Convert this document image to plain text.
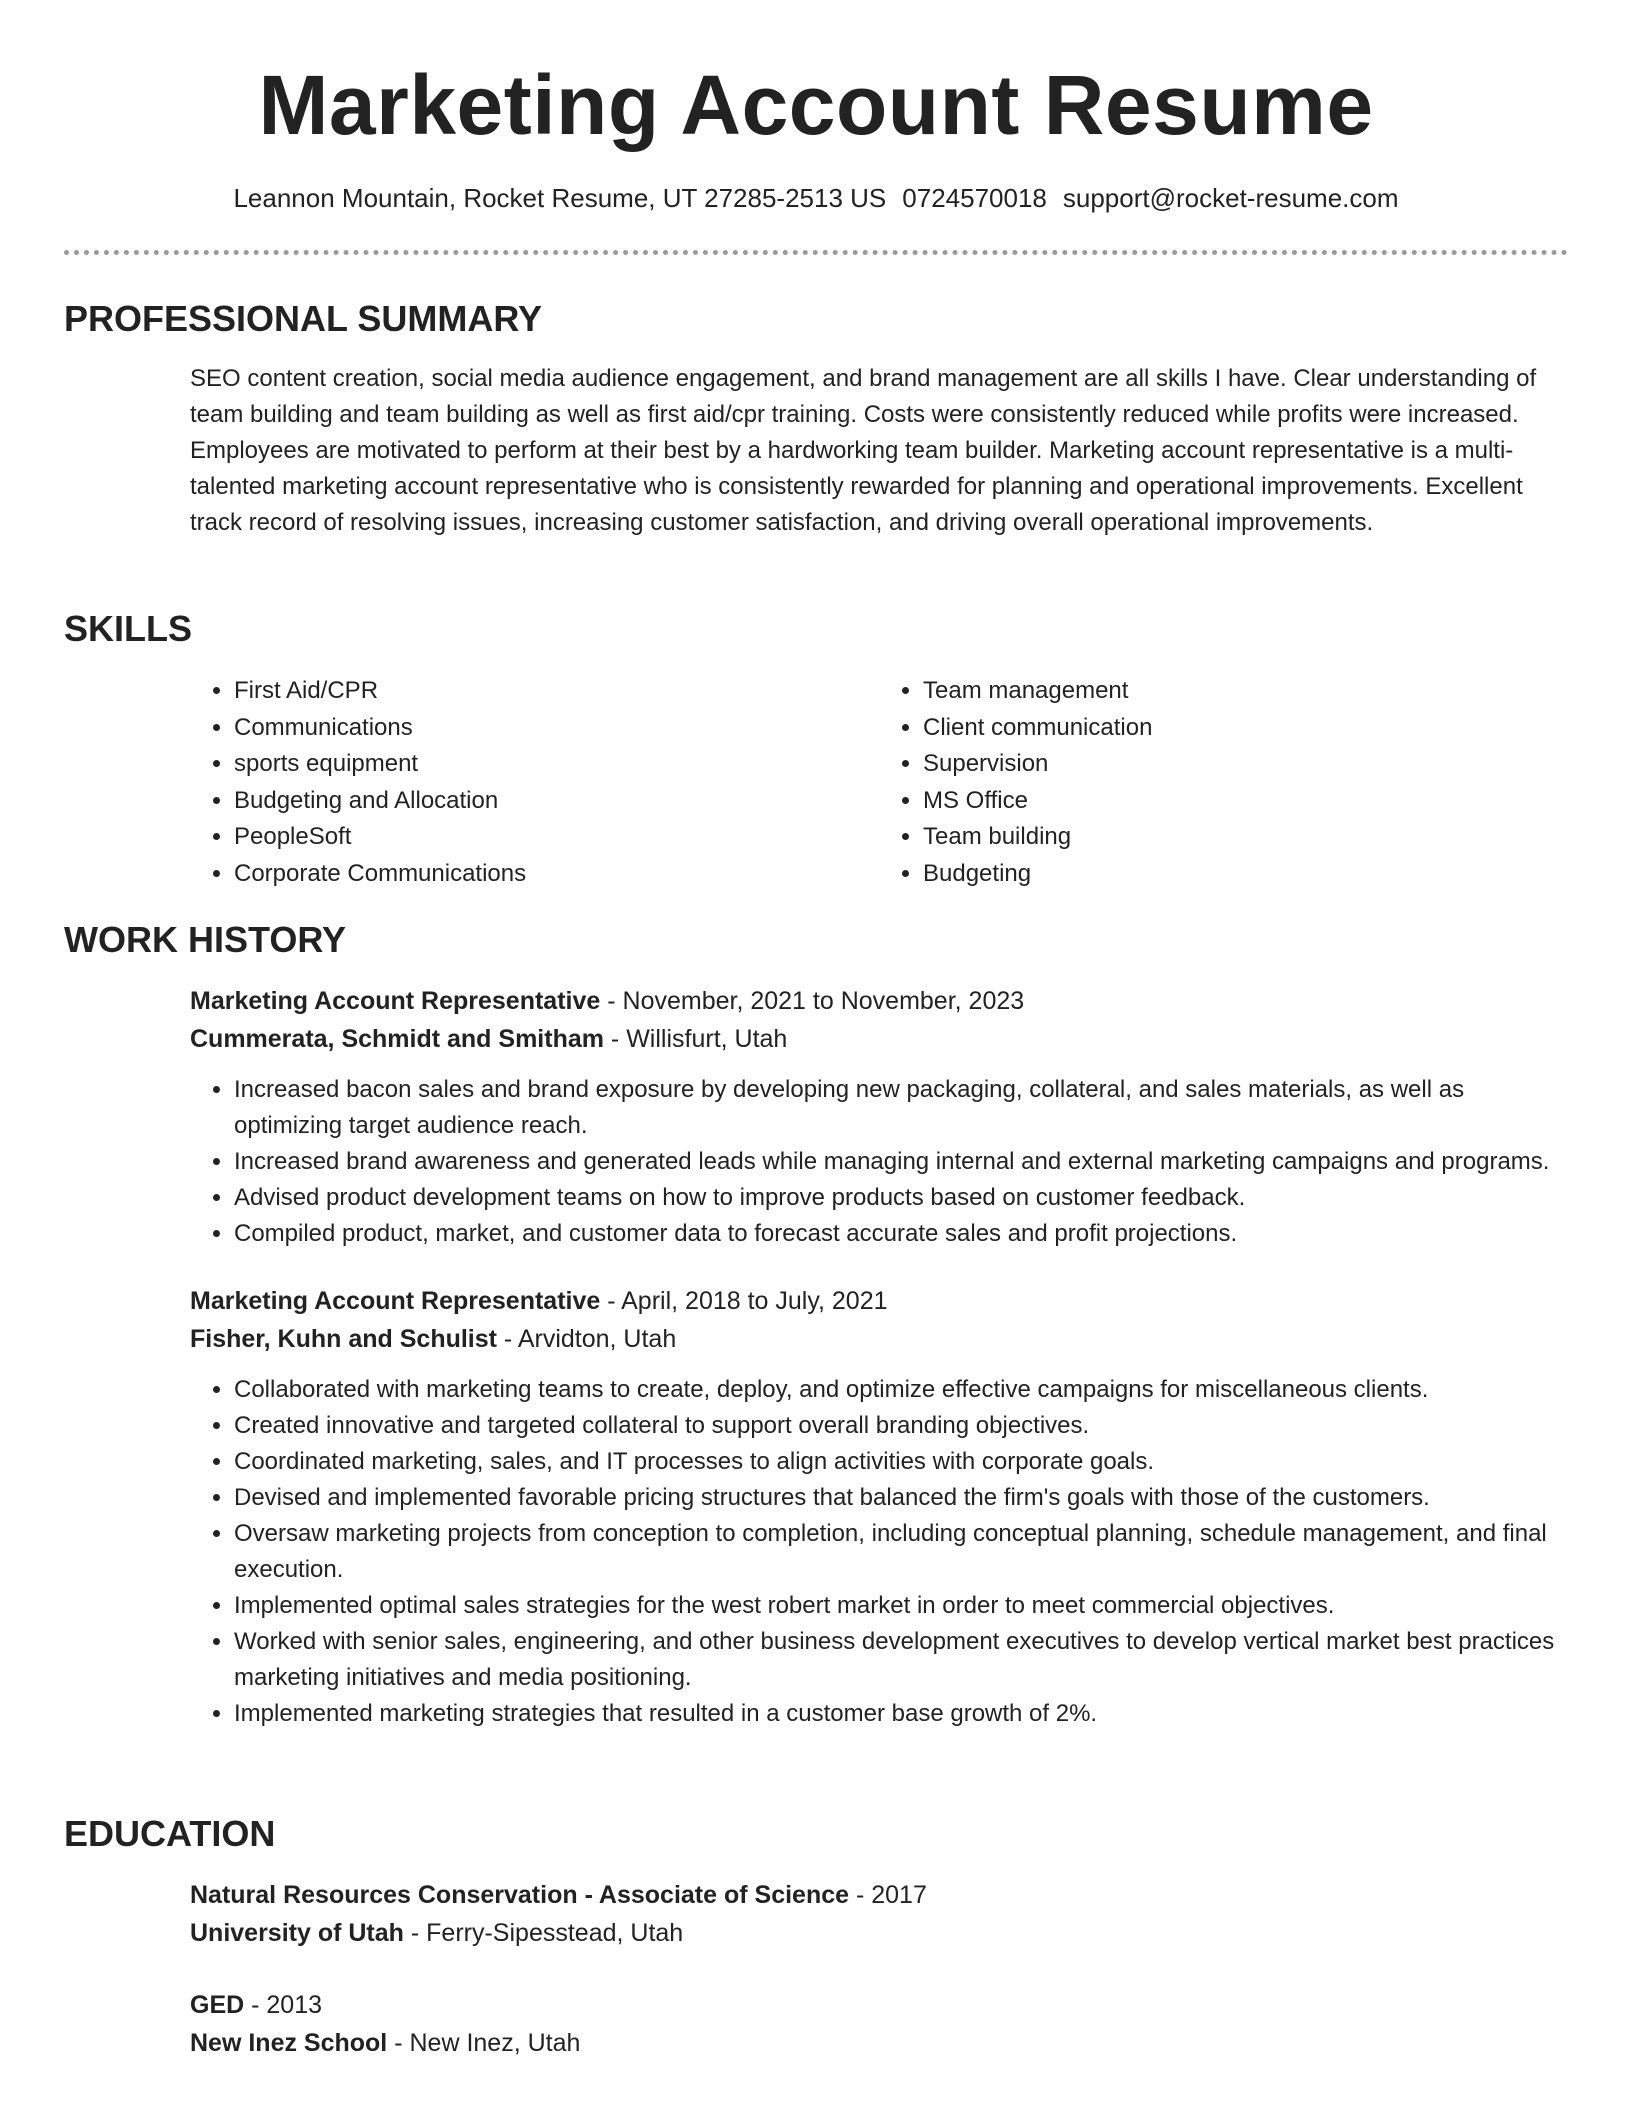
Marketing Account Resume
Leannon Mountain, Rocket Resume, UT 27285-2513 US 0724570018 support@rocket-resume.com
PROFESSIONAL SUMMARY
SEO content creation, social media audience engagement, and brand management are all skills I have. Clear understanding of team building and team building as well as first aid/cpr training. Costs were consistently reduced while profits were increased. Employees are motivated to perform at their best by a hardworking team builder. Marketing account representative is a multi-talented marketing account representative who is consistently rewarded for planning and operational improvements. Excellent track record of resolving issues, increasing customer satisfaction, and driving overall operational improvements.
SKILLS
• First Aid/CPR
• Communications
• sports equipment
• Budgeting and Allocation
• PeopleSoft
• Corporate Communications
• Team management
• Client communication
• Supervision
• MS Office
• Team building
• Budgeting
WORK HISTORY
Marketing Account Representative - November, 2021 to November, 2023
Cummerata, Schmidt and Smitham - Willisfurt, Utah
• Increased bacon sales and brand exposure by developing new packaging, collateral, and sales materials, as well as optimizing target audience reach.
• Increased brand awareness and generated leads while managing internal and external marketing campaigns and programs.
• Advised product development teams on how to improve products based on customer feedback.
• Compiled product, market, and customer data to forecast accurate sales and profit projections.
Marketing Account Representative - April, 2018 to July, 2021
Fisher, Kuhn and Schulist - Arvidton, Utah
• Collaborated with marketing teams to create, deploy, and optimize effective campaigns for miscellaneous clients.
• Created innovative and targeted collateral to support overall branding objectives.
• Coordinated marketing, sales, and IT processes to align activities with corporate goals.
• Devised and implemented favorable pricing structures that balanced the firm's goals with those of the customers.
• Oversaw marketing projects from conception to completion, including conceptual planning, schedule management, and final execution.
• Implemented optimal sales strategies for the west robert market in order to meet commercial objectives.
• Worked with senior sales, engineering, and other business development executives to develop vertical market best practices marketing initiatives and media positioning.
• Implemented marketing strategies that resulted in a customer base growth of 2%.
EDUCATION
Natural Resources Conservation - Associate of Science - 2017
University of Utah - Ferry-Sipesstead, Utah
GED - 2013
New Inez School - New Inez, Utah
